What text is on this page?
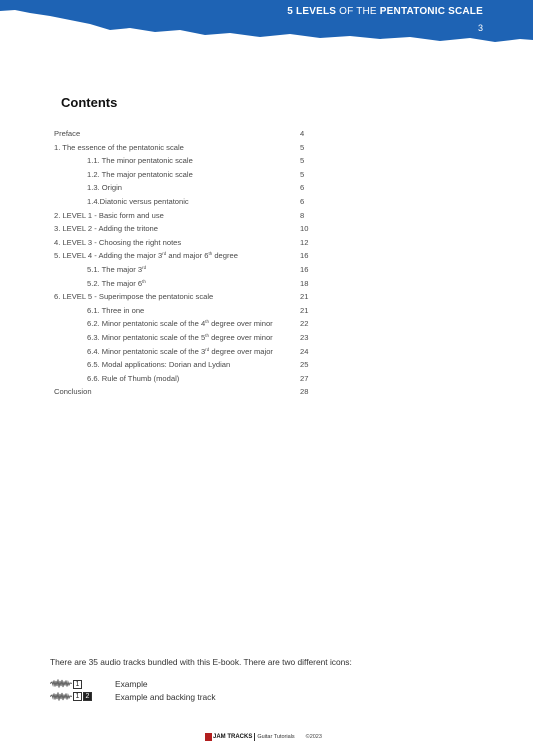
5 LEVELS OF THE PENTATONIC SCALE
3
Contents
Preface	4
1. The essence of the pentatonic scale	5
1.1. The minor pentatonic scale	5
1.2. The major pentatonic scale	5
1.3. Origin	6
1.4.Diatonic versus pentatonic	6
2. LEVEL 1 - Basic form and use	8
3. LEVEL 2 - Adding the tritone	10
4. LEVEL 3 - Choosing the right notes	12
5. LEVEL 4 - Adding the major 3rd and major 6th degree	16
5.1. The major 3rd	16
5.2. The major 6th	18
6. LEVEL 5 - Superimpose the pentatonic scale	21
6.1. Three in one	21
6.2. Minor pentatonic scale of the 4th degree over minor	22
6.3. Minor pentatonic scale of the 5th degree over minor	23
6.4. Minor pentatonic scale of the 3rd degree over major	24
6.5. Modal applications: Dorian and Lydian	25
6.6. Rule of Thumb (modal)	27
Conclusion	28
There are 35 audio tracks bundled with this E-book. There are two different icons:
1	Example
1 2	Example and backing track
JAM TRACKS Guitar Tutorials ©2023
